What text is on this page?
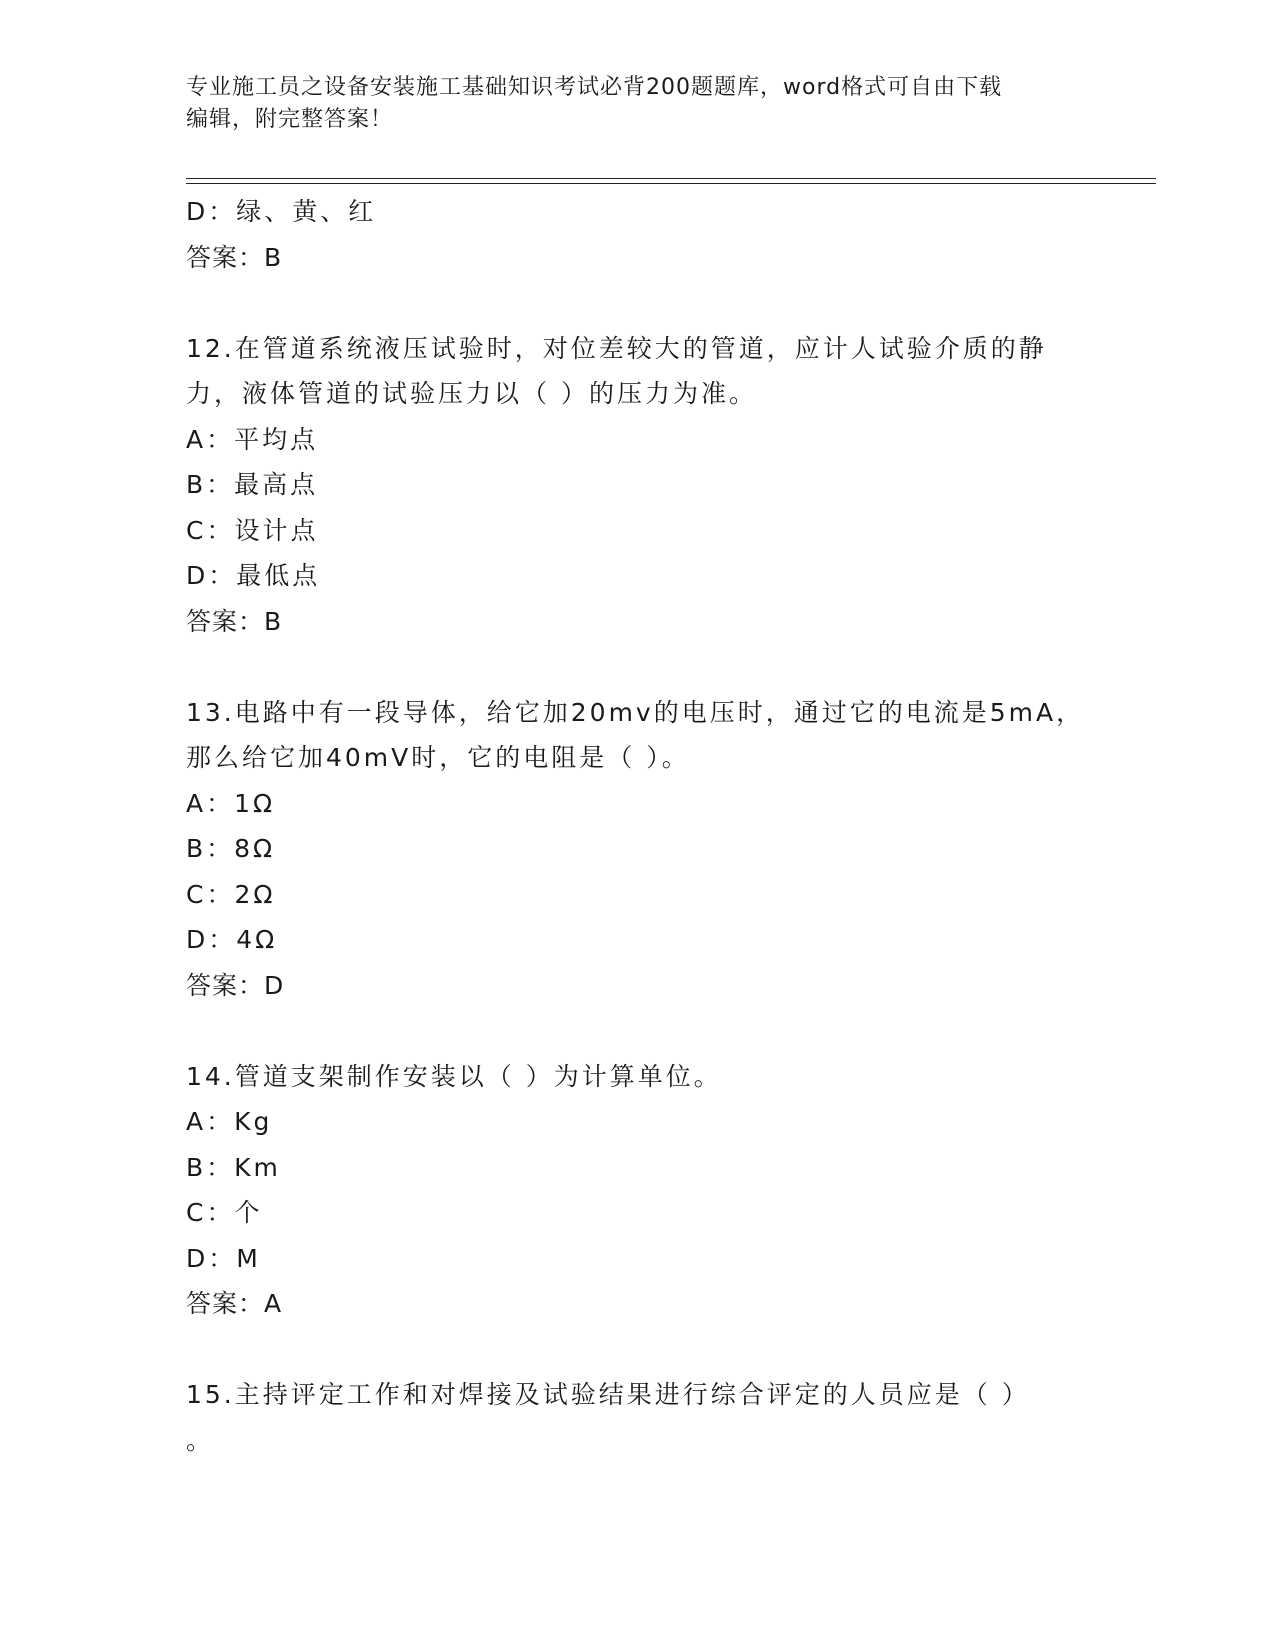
专业施工员之设备安装施工基础知识考试必背200题题库，word格式可自由下载
编辑，附完整答案！
D：绿、黄、红
答案：B
12.在管道系统液压试验时，对位差较大的管道，应计人试验介质的静
力，液体管道的试验压力以（ ）的压力为准。
A：平均点
B：最高点
C：设计点
D：最低点
答案：B
13.电路中有一段导体，给它加20mv的电压时，通过它的电流是5mA，
那么给它加40mV时，它的电阻是（ ）。
A：1Ω
B：8Ω
C：2Ω
D：4Ω
答案：D
14.管道支架制作安装以（ ）为计算单位。
A：Kg
B：Km
C：个
D：M
答案：A
15.主持评定工作和对焊接及试验结果进行综合评定的人员应是（ ）
。
